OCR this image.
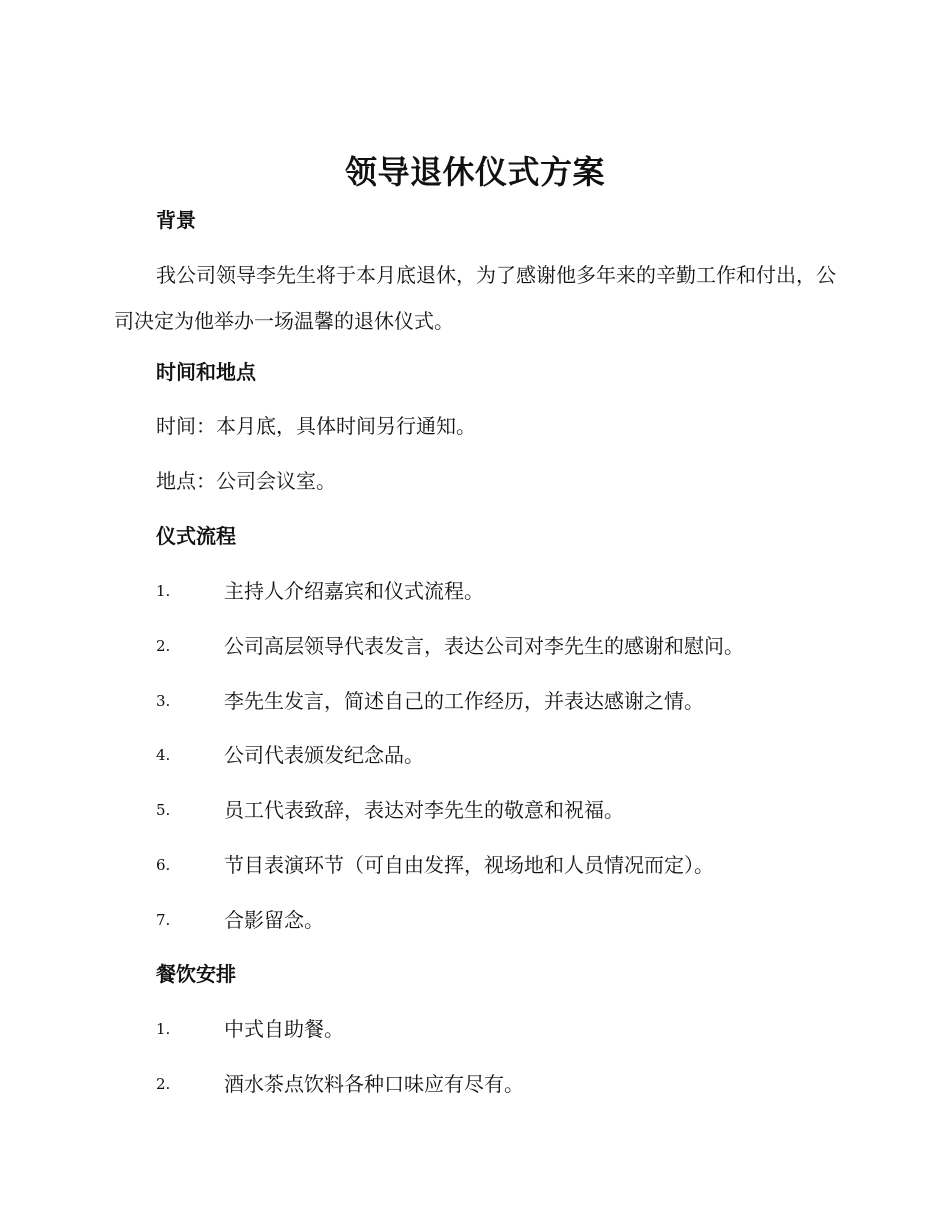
领导退休仪式方案
背景
我公司领导李先生将于本月底退休，为了感谢他多年来的辛勤工作和付出，公司决定为他举办一场温馨的退休仪式。
时间和地点
时间：本月底，具体时间另行通知。
地点：公司会议室。
仪式流程
1.	主持人介绍嘉宾和仪式流程。
2.	公司高层领导代表发言，表达公司对李先生的感谢和慰问。
3.	李先生发言，简述自己的工作经历，并表达感谢之情。
4.	公司代表颁发纪念品。
5.	员工代表致辞，表达对李先生的敬意和祝福。
6.	节目表演环节（可自由发挥，视场地和人员情况而定）。
7.	合影留念。
餐饮安排
1.	中式自助餐。
2.	酒水茶点饮料各种口味应有尽有。
